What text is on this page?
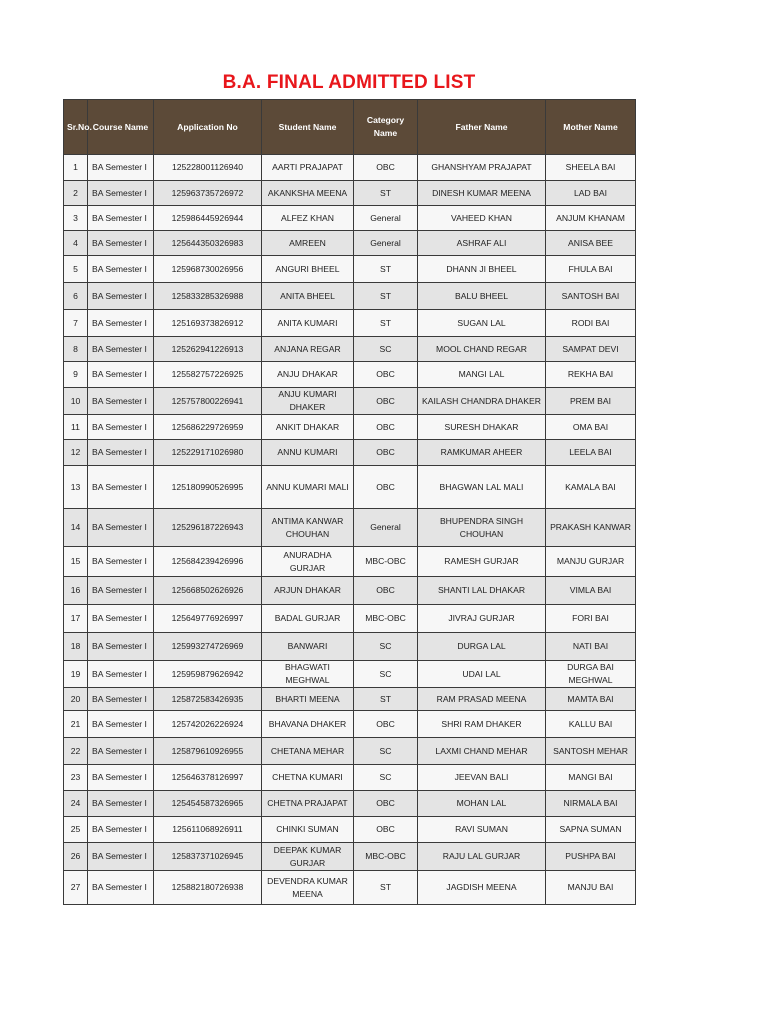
B.A. FINAL ADMITTED LIST
Sr.No.	Course Name	Application No	Student Name	Category Name	Father Name	Mother Name
1	BA Semester I	125228001126940	AARTI PRAJAPAT	OBC	GHANSHYAM PRAJAPAT	SHEELA BAI
2	BA Semester I	125963735726972	AKANKSHA MEENA	ST	DINESH KUMAR MEENA	LAD BAI
3	BA Semester I	125986445926944	ALFEZ KHAN	General	VAHEED KHAN	ANJUM KHANAM
4	BA Semester I	125644350326983	AMREEN	General	ASHRAF ALI	ANISA BEE
5	BA Semester I	125968730026956	ANGURI BHEEL	ST	DHANN JI BHEEL	FHULA BAI
6	BA Semester I	125833285326988	ANITA BHEEL	ST	BALU BHEEL	SANTOSH BAI
7	BA Semester I	125169373826912	ANITA KUMARI	ST	SUGAN LAL	RODI BAI
8	BA Semester I	125262941226913	ANJANA REGAR	SC	MOOL CHAND REGAR	SAMPAT DEVI
9	BA Semester I	125582757226925	ANJU DHAKAR	OBC	MANGI LAL	REKHA BAI
10	BA Semester I	125757800226941	ANJU KUMARI DHAKER	OBC	KAILASH CHANDRA DHAKER	PREM BAI
11	BA Semester I	125686229726959	ANKIT DHAKAR	OBC	SURESH DHAKAR	OMA BAI
12	BA Semester I	125229171026980	ANNU KUMARI	OBC	RAMKUMAR AHEER	LEELA BAI
13	BA Semester I	125180990526995	ANNU KUMARI MALI	OBC	BHAGWAN LAL MALI	KAMALA BAI
14	BA Semester I	125296187226943	ANTIMA KANWAR CHOUHAN	General	BHUPENDRA SINGH CHOUHAN	PRAKASH KANWAR
15	BA Semester I	125684239426996	ANURADHA GURJAR	MBC-OBC	RAMESH GURJAR	MANJU GURJAR
16	BA Semester I	125668502626926	ARJUN DHAKAR	OBC	SHANTI LAL DHAKAR	VIMLA BAI
17	BA Semester I	125649776926997	BADAL GURJAR	MBC-OBC	JIVRAJ GURJAR	FORI BAI
18	BA Semester I	125993274726969	BANWARI	SC	DURGA LAL	NATI BAI
19	BA Semester I	125959879626942	BHAGWATI MEGHWAL	SC	UDAI LAL	DURGA BAI MEGHWAL
20	BA Semester I	125872583426935	BHARTI MEENA	ST	RAM PRASAD MEENA	MAMTA BAI
21	BA Semester I	125742026226924	BHAVANA DHAKER	OBC	SHRI RAM DHAKER	KALLU BAI
22	BA Semester I	125879610926955	CHETANA MEHAR	SC	LAXMI CHAND MEHAR	SANTOSH MEHAR
23	BA Semester I	125646378126997	CHETNA KUMARI	SC	JEEVAN BALI	MANGI BAI
24	BA Semester I	125454587326965	CHETNA PRAJAPAT	OBC	MOHAN LAL	NIRMALA BAI
25	BA Semester I	125611068926911	CHINKI SUMAN	OBC	RAVI SUMAN	SAPNA SUMAN
26	BA Semester I	125837371026945	DEEPAK KUMAR GURJAR	MBC-OBC	RAJU LAL GURJAR	PUSHPA BAI
27	BA Semester I	125882180726938	DEVENDRA KUMAR MEENA	ST	JAGDISH MEENA	MANJU BAI
